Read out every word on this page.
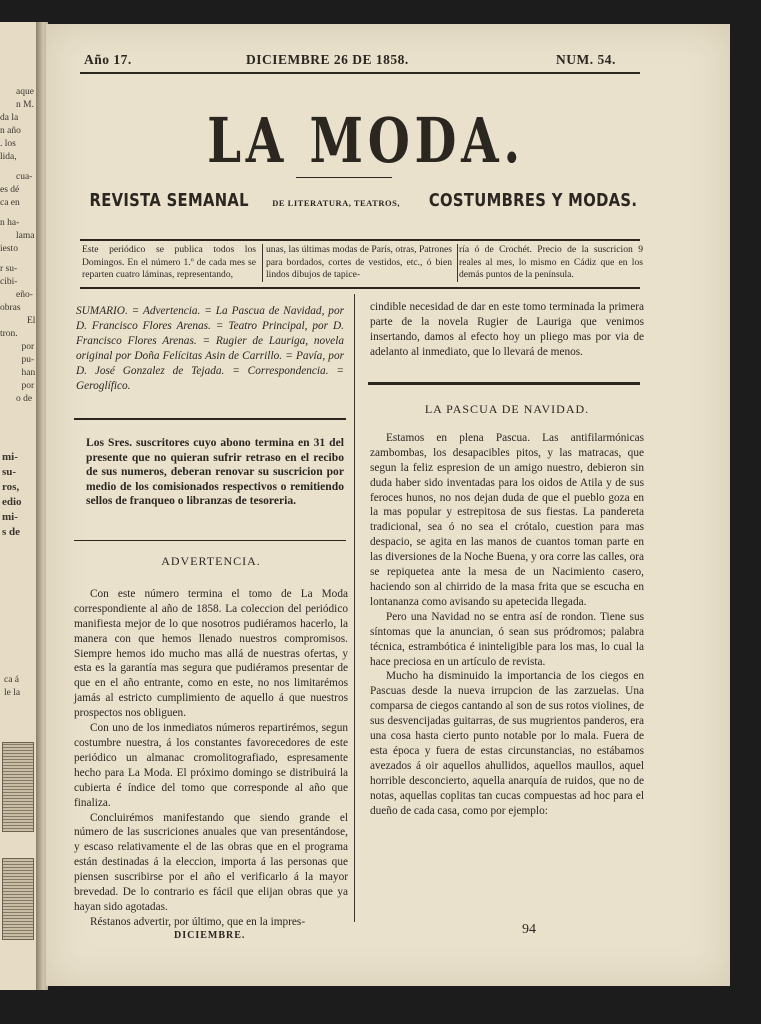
aque
n M.
da la
n año
. los
lida,
cua-
es dé
ca en
n ha-
lama
iesto
r su-
cibi-
eño-
obras
El
tron.
por
pu-
han
por
o de
mi-
su-
ros,
edio
mi-
s de
ca á
le la
Año 17.	DICIEMBRE 26 DE 1858.	NUM. 54.
LA MODA.
REVISTA SEMANAL	DE LITERATURA, TEATROS, COSTUMBRES Y MODAS.
Este periódico se publica todos los Domingos. En el número 1.º de cada mes se reparten cuatro láminas, representando,
unas, las últimas modas de París, otras, Patrones para bordados, cortes de vestidos, etc., ó bien lindos dibujos de tapice-
ría ó de Crochét. Precio de la suscricion 9 reales al mes, lo mismo en Cádiz que en los demás puntos de la península.
SUMARIO. = Advertencia. = La Pascua de Navidad, por D. Francisco Flores Arenas. = Teatro Principal, por D. Francisco Flores Arenas. = Rugier de Lauriga, novela original por Doña Felícitas Asin de Carrillo. = Pavía, por D. José Gonzalez de Tejada. = Correspondencia. = Geroglífico.
Los Sres. suscritores cuyo abono termina en 31 del presente que no quieran sufrir retraso en el recibo de sus numeros, deberan renovar su suscricion por medio de los comisionados respectivos o remitiendo sellos de franqueo o libranzas de tesoreria.

ADVERTENCIA.

Con este número termina el tomo de La Moda correspondiente al año de 1858. La coleccion del periódico manifiesta mejor de lo que nosotros pudiéramos hacerlo, la manera con que hemos llenado nuestros compromisos. Siempre hemos ido mucho mas allá de nuestras ofertas, y esta es la garantía mas segura que pudiéramos presentar de que en el año entrante, como en este, no nos limitarémos jamás al estricto cumplimiento de aquello á que nuestros prospectos nos obliguen.

Con uno de los inmediatos números repartirémos, segun costumbre nuestra, á los constantes favorecedores de este periódico un almanac cromolitografiado, espresamente hecho para La Moda. El próximo domingo se distribuirá la cubierta é índice del tomo que corresponde al año que finaliza.

Concluirémos manifestando que siendo grande el número de las suscriciones anuales que van presentándose, y escaso relativamente el de las obras que en el programa están destinadas á la eleccion, importa á las personas que piensen suscribirse por el año el verificarlo á la mayor brevedad. De lo contrario es fácil que elijan obras que ya hayan sido agotadas.

Réstanos advertir, por último, que en la impres-

DICIEMBRE.
cindible necesidad de dar en este tomo terminada la primera parte de la novela Rugier de Lauriga que venimos insertando, damos al efecto hoy un pliego mas por via de adelanto al inmediato, que lo llevará de menos.

LA PASCUA DE NAVIDAD.

Estamos en plena Pascua. Las antifilarmónicas zambombas, los desapacibles pitos, y las matracas, que segun la feliz espresion de un amigo nuestro, debieron sin duda haber sido inventadas para los oidos de Atila y de sus feroces hunos, no nos dejan duda de que el pueblo goza en la mas popular y estrepitosa de sus fiestas. La pandereta tradicional, sea ó no sea el crótalo, cuestion para mas despacio, se agita en las manos de cuantos toman parte en las diversiones de la Noche Buena, y ora corre las calles, ora se repiquetea ante la mesa de un Nacimiento casero, haciendo son al chirrido de la masa frita que se escucha en lontananza como avisando su apetecida llegada.

Pero una Navidad no se entra así de rondon. Tiene sus síntomas que la anuncian, ó sean sus pródromos; palabra técnica, estrambótica é ininteligible para los mas, lo cual la hace preciosa en un artículo de revista.

Mucho ha disminuido la importancia de los ciegos en Pascuas desde la nueva irrupcion de las zarzuelas. Una comparsa de ciegos cantando al son de sus rotos violines, de sus desvencijadas guitarras, de sus mugrientos panderos, era una cosa hasta cierto punto notable por lo mala. Fuera de esta época y fuera de estas circunstancias, no estábamos avezados á oir aquellos ahullidos, aquellos maullos, aquel horrible desconcierto, aquella anarquía de ruidos, que no de notas, aquellas coplitas tan cucas compuestas ad hoc para el dueño de cada casa, como por ejemplo:

94
